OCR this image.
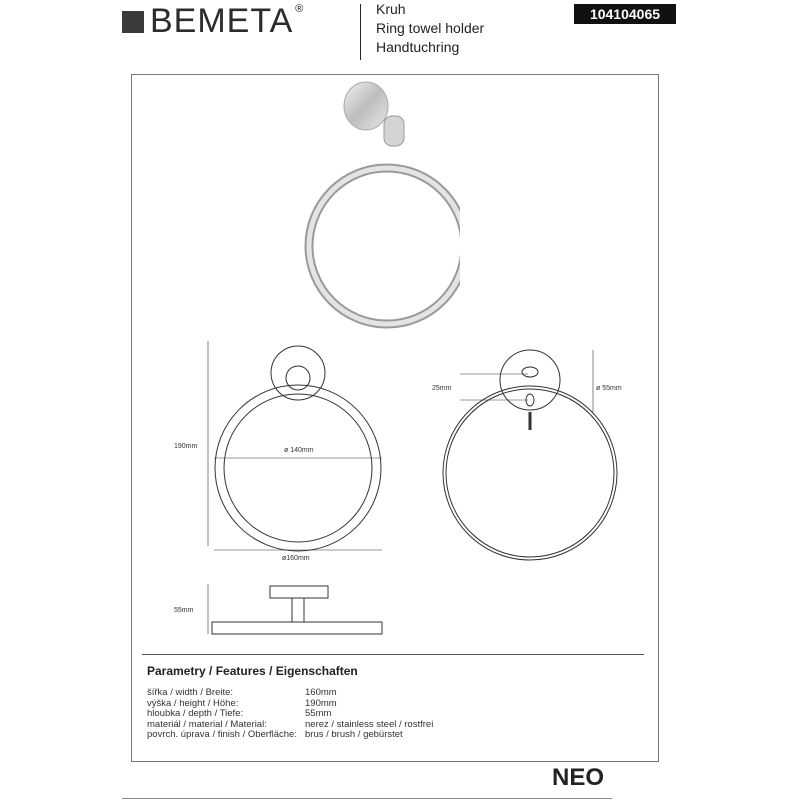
BEMETA ®	Kruh
Ring towel holder
Handtuchring
104104065
190mm
ø 140mm
ø160mm
25mm	ø 55mm
55mm
Parametry / Features / Eigenschaften
šířka / width / Breite:	160mm
výška / height / Höhe:	190mm
hloubka / depth / Tiefe:	55mm
materiál / material / Material:	nerez / stainless steel / rostfrei
povrch. úprava / finish / Oberfläche: brus / brush / gebürstet
NEO
